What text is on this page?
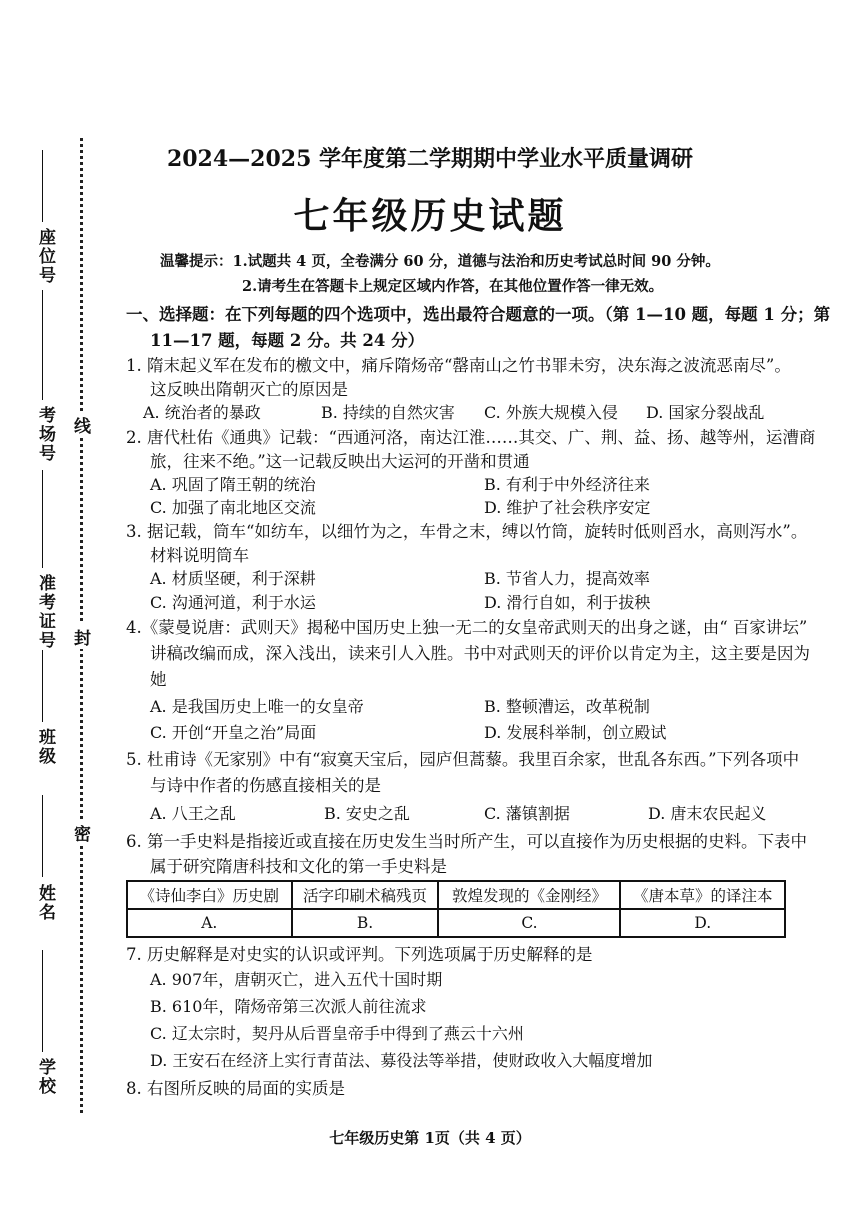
座位号
考场号
准考证号
班级
姓名
学校
线
封
密
2024—2025 学年度第二学期期中学业水平质量调研
七年级历史试题
温馨提示：1.试题共 4 页，全卷满分 60 分，道德与法治和历史考试总时间 90 分钟。
2.请考生在答题卡上规定区域内作答，在其他位置作答一律无效。
一、选择题：在下列每题的四个选项中，选出最符合题意的一项。（第 1—10 题，每题 1 分；第
11—17 题，每题 2 分。共 24 分）
1. 隋末起义军在发布的檄文中，痛斥隋炀帝“罄南山之竹书罪未穷，决东海之波流恶南尽”。
这反映出隋朝灭亡的原因是
A. 统治者的暴政	B. 持续的自然灾害 C. 外族大规模入侵 D. 国家分裂战乱
2. 唐代杜佑《通典》记载：“西通河洛，南达江淮……其交、广、荆、益、扬、越等州，运漕商
旅，往来不绝。”这一记载反映出大运河的开凿和贯通
A. 巩固了隋王朝的统治	B. 有利于中外经济往来
C. 加强了南北地区交流	D. 维护了社会秩序安定
3. 据记载，筒车“如纺车，以细竹为之，车骨之末，缚以竹筒，旋转时低则舀水，高则泻水”。
材料说明筒车
A. 材质坚硬，利于深耕	B. 节省人力，提高效率
C. 沟通河道，利于水运	D. 滑行自如，利于拔秧
4.《蒙曼说唐：武则天》揭秘中国历史上独一无二的女皇帝武则天的出身之谜，由“ 百家讲坛”
讲稿改编而成，深入浅出，读来引人入胜。书中对武则天的评价以肯定为主，这主要是因为
她
A. 是我国历史上唯一的女皇帝	B. 整顿漕运，改革税制
C. 开创“开皇之治”局面	D. 发展科举制，创立殿试
5. 杜甫诗《无家别》中有“寂寞天宝后，园庐但蒿藜。我里百余家，世乱各东西。”下列各项中
与诗中作者的伤感直接相关的是
A. 八王之乱	B. 安史之乱	C. 藩镇割据	D. 唐末农民起义
6. 第一手史料是指接近或直接在历史发生当时所产生，可以直接作为历史根据的史料。下表中
属于研究隋唐科技和文化的第一手史料是
《诗仙李白》历史剧	活字印刷术稿残页	敦煌发现的《金刚经》	《唐本草》的译注本
A.	B.	C.	D.
7. 历史解释是对史实的认识或评判。下列选项属于历史解释的是
A. 907年，唐朝灭亡，进入五代十国时期
B. 610年，隋炀帝第三次派人前往流求
C. 辽太宗时，契丹从后晋皇帝手中得到了燕云十六州
D. 王安石在经济上实行青苗法、募役法等举措，使财政收入大幅度增加
8. 右图所反映的局面的实质是
七年级历史第 1页（共 4 页）
